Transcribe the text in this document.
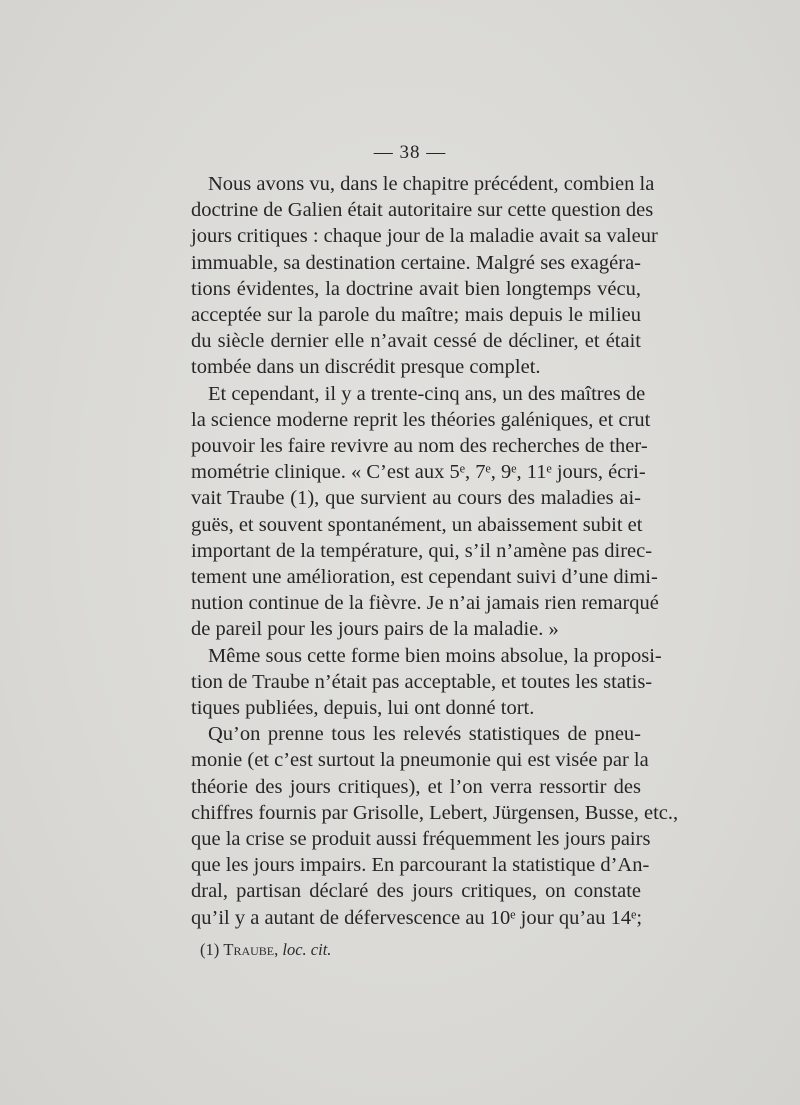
— 38 —
Nous avons vu, dans le chapitre précédent, combien la
doctrine de Galien était autoritaire sur cette question des
jours critiques : chaque jour de la maladie avait sa valeur
immuable, sa destination certaine. Malgré ses exagéra-
tions évidentes, la doctrine avait bien longtemps vécu,
acceptée sur la parole du maître; mais depuis le milieu
du siècle dernier elle n’avait cessé de décliner, et était
tombée dans un discrédit presque complet.
Et cependant, il y a trente-cinq ans, un des maîtres de
la science moderne reprit les théories galéniques, et crut
pouvoir les faire revivre au nom des recherches de ther-
mométrie clinique. « C’est aux 5ᵉ, 7ᵉ, 9ᵉ, 11ᵉ jours, écri-
vait Traube (1), que survient au cours des maladies ai-
guës, et souvent spontanément, un abaissement subit et
important de la température, qui, s’il n’amène pas direc-
tement une amélioration, est cependant suivi d’une dimi-
nution continue de la fièvre. Je n’ai jamais rien remarqué
de pareil pour les jours pairs de la maladie. »
Même sous cette forme bien moins absolue, la proposi-
tion de Traube n’était pas acceptable, et toutes les statis-
tiques publiées, depuis, lui ont donné tort.
Qu’on prenne tous les relevés statistiques de pneu-
monie (et c’est surtout la pneumonie qui est visée par la
théorie des jours critiques), et l’on verra ressortir des
chiffres fournis par Grisolle, Lebert, Jürgensen, Busse, etc.,
que la crise se produit aussi fréquemment les jours pairs
que les jours impairs. En parcourant la statistique d’An-
dral, partisan déclaré des jours critiques, on constate
qu’il y a autant de défervescence au 10ᵉ jour qu’au 14ᵉ;
(1) Traube, loc. cit.
